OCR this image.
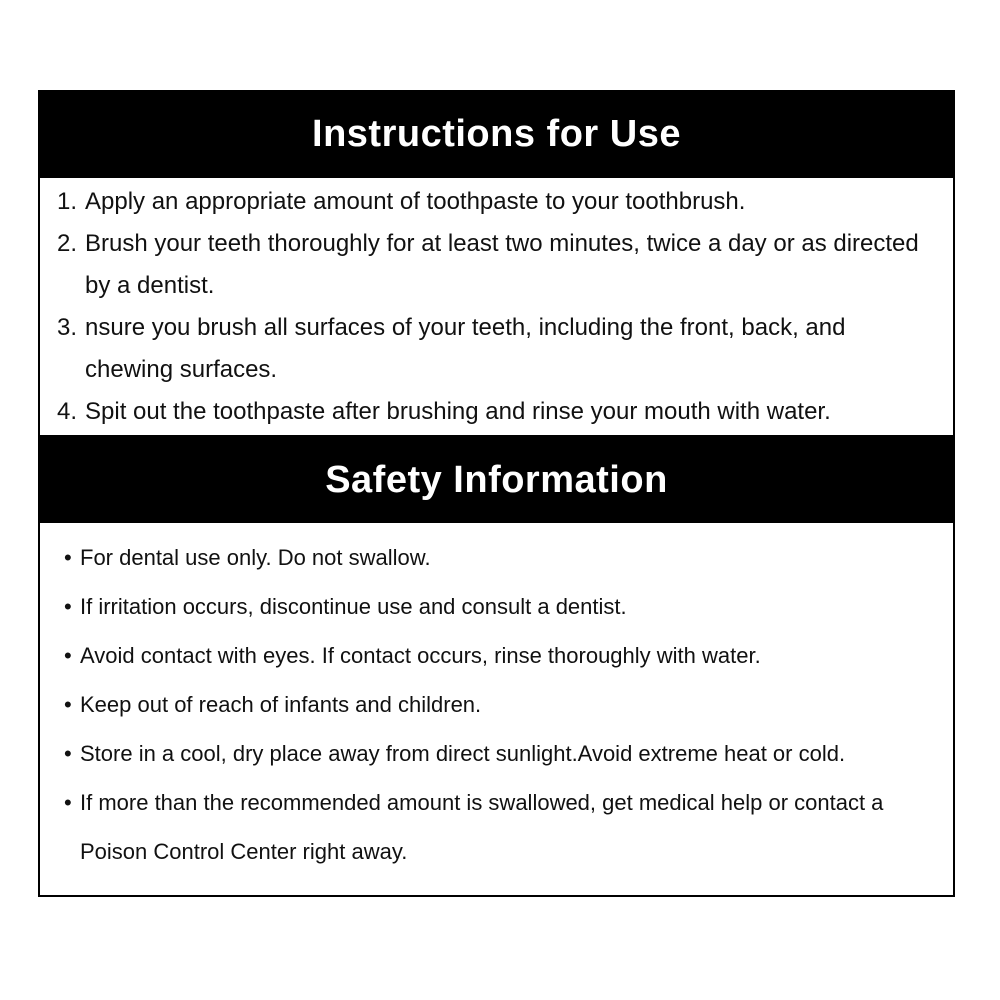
Instructions for Use
Apply an appropriate amount of toothpaste to your toothbrush.
Brush your teeth thoroughly for at least two minutes, twice a day or as directed by a dentist.
nsure you brush all surfaces of your teeth, including the front, back, and chewing surfaces.
Spit out the toothpaste after brushing and rinse your mouth with water.
Safety Information
• For dental use only. Do not swallow.
• If irritation occurs, discontinue use and consult a dentist.
• Avoid contact with eyes. If contact occurs, rinse thoroughly with water.
• Keep out of reach of infants and children.
• Store in a cool, dry place away from direct sunlight.Avoid extreme heat or cold.
• If more than the recommended amount is swallowed, get medical help or contact a Poison Control Center right away.
